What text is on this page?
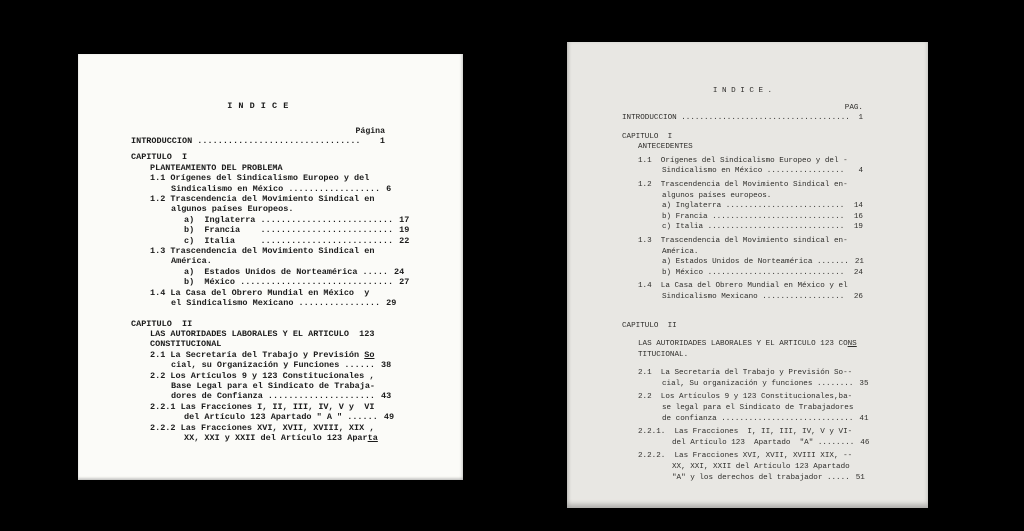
I N D I C E
Página
INTRODUCCION ................................	1
CAPITULO  I
PLANTEAMIENTO DEL PROBLEMA
1.1 Orígenes del Sindicalismo Europeo y del
Sindicalismo en México .................. 6
1.2 Trascendencia del Movimiento Sindical en
algunos países Europeos.
a)  Inglaterra .......................... 17
b)  Francia    .......................... 19
c)  Italia     .......................... 22
1.3 Trascendencia del Movimiento Sindical en
América.
a)  Estados Unidos de Norteamérica ..... 24
b)  México .............................. 27
1.4 La Casa del Obrero Mundial en México  y
el Sindicalismo Mexicano ................ 29
CAPITULO  II
LAS AUTORIDADES LABORALES Y EL ARTICULO  123
CONSTITUCIONAL
2.1 La Secretaría del Trabajo y Previsión So
cial, su Organización y Funciones ...... 38
2.2 Los Artículos 9 y 123 Constitucionales ,
Base Legal para el Sindicato de Trabaja-
dores de Confianza ..................... 43
2.2.1 Las Fracciones I, II, III, IV, V y  VI
del Artículo 123 Apartado " A " ...... 49
2.2.2 Las Fracciones XVI, XVII, XVIII, XIX ,
XX, XXI y XXII del Artículo 123 Apar ta
I N D I C E .
PAG.
INTRODUCCION .....................................	1
CAPITULO  I
ANTECEDENTES
1.1  Orígenes del Sindicalismo Europeo y del -
Sindicalismo en México .................	4
1.2  Trascendencia del Movimiento Sindical en-
algunos países europeos.
a) Inglaterra ..........................	14
b) Francia .............................	16
c) Italia ..............................	19
1.3  Trascendencia del Movimiento sindical en-
América.
a) Estados Unidos de Norteamérica ....... 21
b) México ..............................	24
1.4  La Casa del Obrero Mundial en México y el
Sindicalismo Mexicano ..................	26
CAPITULO  II
LAS AUTORIDADES LABORALES Y EL ARTICULO 123 CO NS
TITUCIONAL.
2.1  La Secretaría del Trabajo y Previsión So--
cial, Su organización y funciones ........ 35
2.2  Los Artículos 9 y 123 Constitucionales,ba-
se legal para el Sindicato de Trabajadores
de confianza ............................. 41
2.2.1.  Las Fracciones  I, II, III, IV, V y VI-
del Artículo 123  Apartado  "A" ........ 46
2.2.2.  Las Fracciones XVI, XVII, XVIII XIX, --
XX, XXI, XXII del Artículo 123 Apartado
"A" y los derechos del trabajador ..... 51
